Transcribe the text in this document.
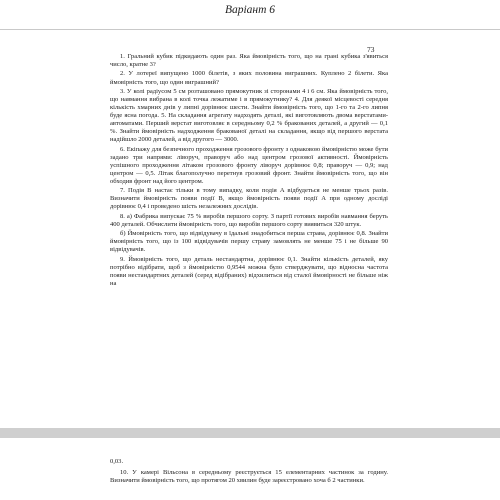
Варіант 6
73

1. Гральний кубик підкидають один раз. Яка ймовірність того, що на грані кубика з'явиться число, кратне 3?

2. У лотереї випущено 1000 білетів, з яких половина виграшних. Куплено 2 білети. Яка ймовірність того, що один виграшний?

3. У колі радіусом 5 см розташовано прямокутник зі сторонами 4 і 6 см. Яка ймовірність того, що навмання вибрана в колі точка лежатиме і в прямокутнику? 4. Для деякої місцевості середня кількість хмарних днів у липні дорівнює шести. Знайти ймовірність того, що 1-го та 2-го липня буде ясна погода. 5. На складання агрегату надходять деталі, які виготовляють двома верстатами-автоматами. Перший верстат виготовляє в середньому 0,2 % бракованих деталей, а другий — 0,1 %. Знайти ймовірність надходження бракованої деталі на складання, якщо від першого верстата надійшло 2000 деталей, а від другого — 3000.

6. Екіпажу для безпечного проходження грозового фронту з однаковою ймовірністю може бути задано три напрями: ліворуч, праворуч або над центром грозової активності. Ймовірність успішного проходження літаком грозового фронту ліворуч дорівнює 0,8; праворуч — 0,9; над центром — 0,5. Літак благополучно перетнув грозовий фронт. Знайти ймовірність того, що він обходив фронт над його центром.

7. Подія B настає тільки в тому випадку, коли подія A відбудеться не менше трьох разів. Визначити ймовірність появи події B, якщо ймовірність появи події A при одному досліді дорівнює 0,4 і проведено шість незалежних дослідів.

8. а) Фабрика випускає 75 % виробів першого сорту. З партії готових виробів навмання беруть 400 деталей. Обчислити ймовірність того, що виробів першого сорту виявиться 320 штук.

б) Ймовірність того, що відвідувачу в їдальні знадобиться перша страва, дорівнює 0,8. Знайти ймовірність того, що із 100 відвідувачів першу страву замовлять не менше 75 і не більше 90 відвідувачів.

9. Ймовірність того, що деталь нестандартна, дорівнює 0,1. Знайти кількість деталей, яку потрібно відібрати, щоб з ймовірністю 0,9544 можна було стверджувати, що відносна частота появи нестандартних деталей (серед відібраних) відхилиться від сталої ймовірності не більше ніж на

0,03.

10. У камері Вільсона в середньому реєструється 15 елементарних частинок за годину. Визначити ймовірність того, що протягом 20 хвилин буде зареєстровано хоча б 2 частинки.
